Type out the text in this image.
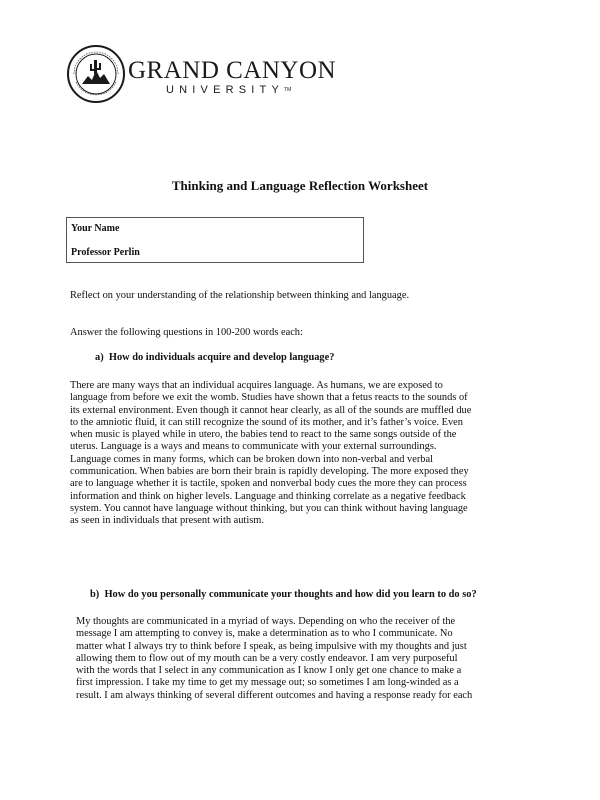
GRAND CANYON
UNIVERSITY™
Thinking and Language Reflection Worksheet
Your Name
Professor Perlin
Reflect on your understanding of the relationship between thinking and language.
Answer the following questions in 100-200 words each:
a) How do individuals acquire and develop language?
There are many ways that an individual acquires language. As humans, we are exposed to
language from before we exit the womb. Studies have shown that a fetus reacts to the sounds of
its external environment. Even though it cannot hear clearly, as all of the sounds are muffled due
to the amniotic fluid, it can still recognize the sound of its mother, and it’s father’s voice. Even
when music is played while in utero, the babies tend to react to the same songs outside of the
uterus. Language is a ways and means to communicate with your external surroundings.
Language comes in many forms, which can be broken down into non-verbal and verbal
communication. When babies are born their brain is rapidly developing. The more exposed they
are to language whether it is tactile, spoken and nonverbal body cues the more they can process
information and think on higher levels. Language and thinking correlate as a negative feedback
system. You cannot have language without thinking, but you can think without having language
as seen in individuals that present with autism.
b) How do you personally communicate your thoughts and how did you learn to do so?
My thoughts are communicated in a myriad of ways. Depending on who the receiver of the
message I am attempting to convey is, make a determination as to who I communicate. No
matter what I always try to think before I speak, as being impulsive with my thoughts and just
allowing them to flow out of my mouth can be a very costly endeavor. I am very purposeful
with the words that I select in any communication as I know I only get one chance to make a
first impression. I take my time to get my message out; so sometimes I am long-winded as a
result. I am always thinking of several different outcomes and having a response ready for each
